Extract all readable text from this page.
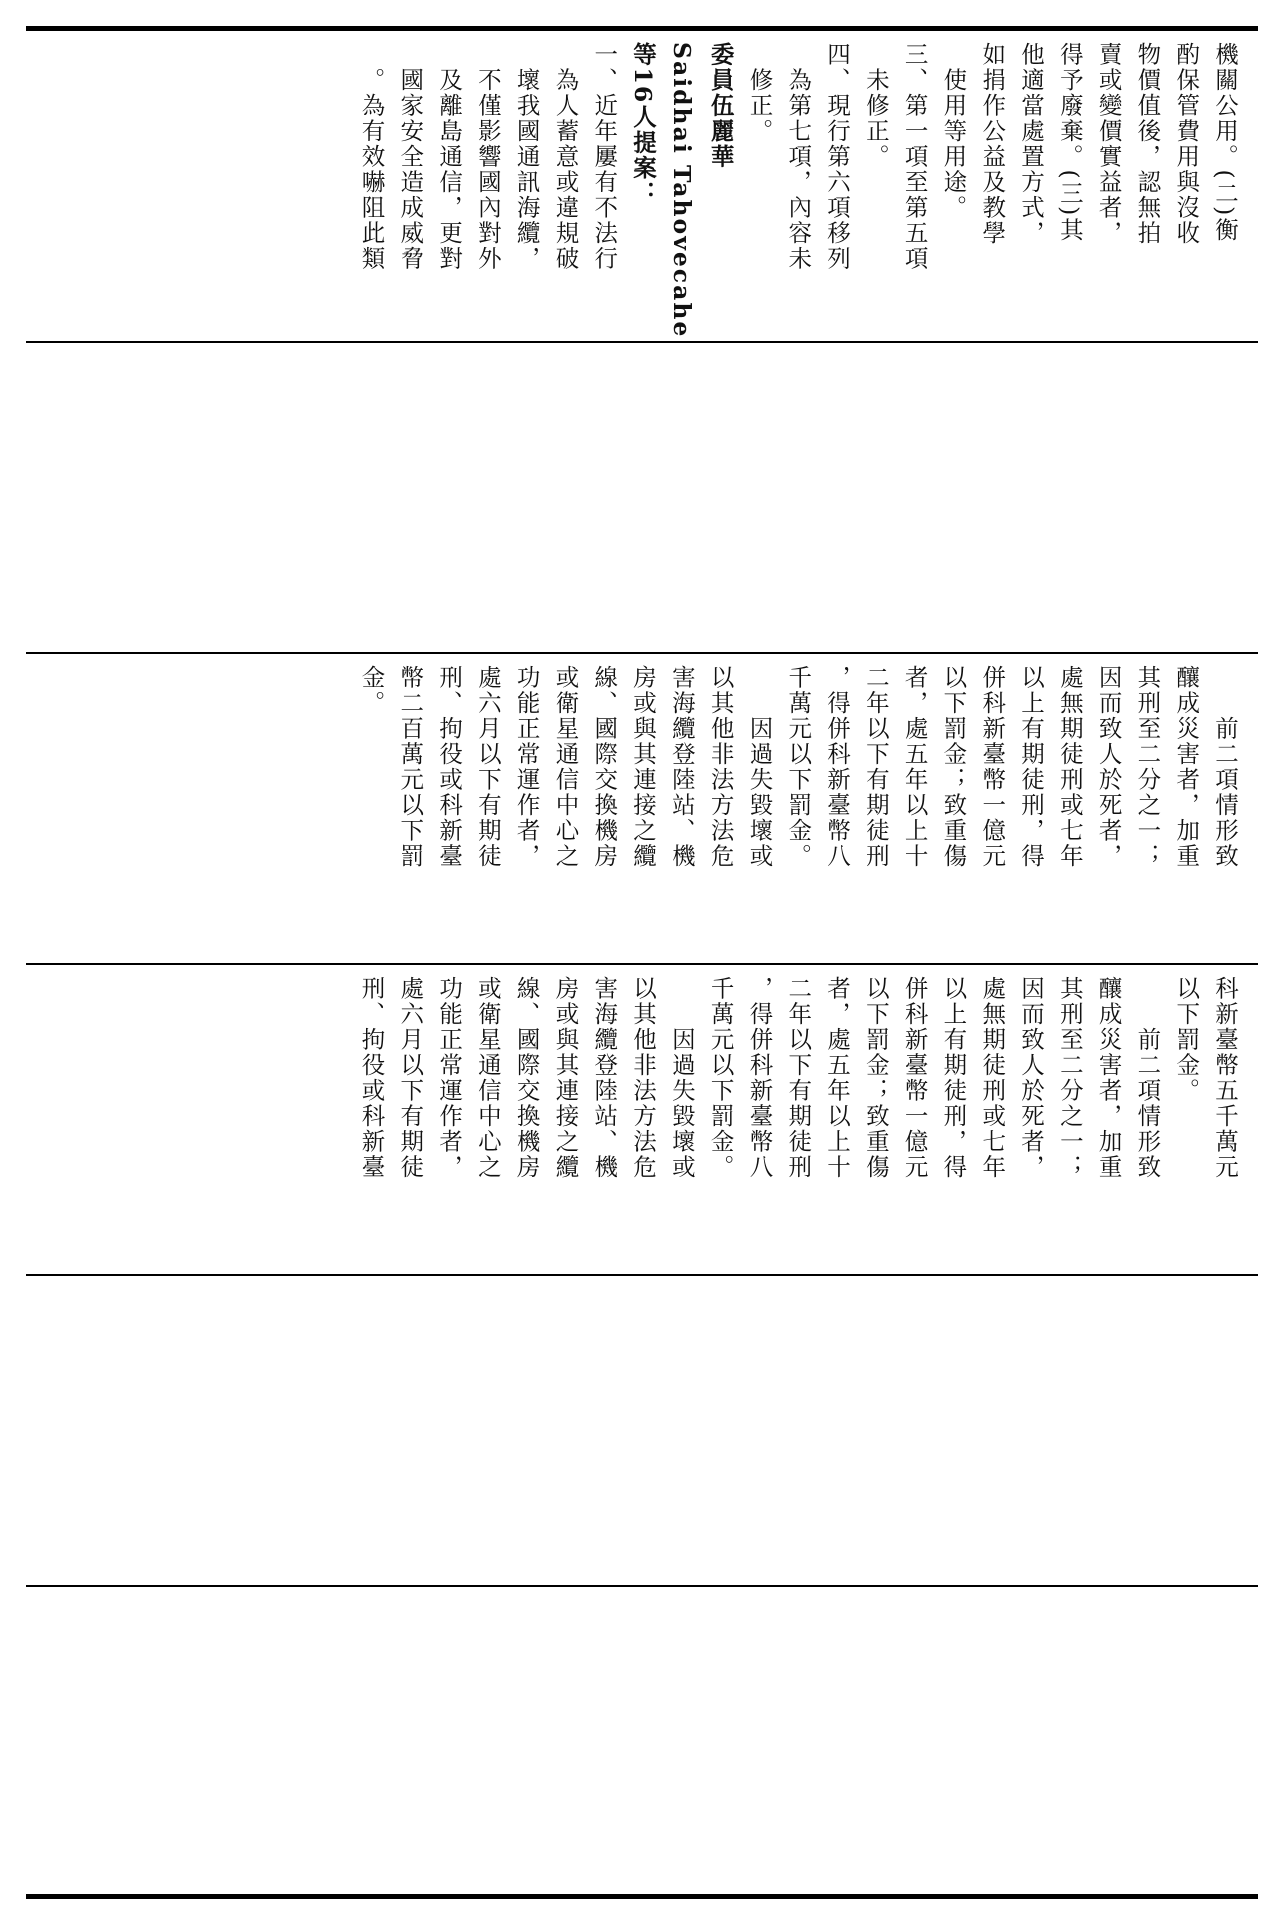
機關公用。(二)衡
酌保管費用與沒收
物價值後，認無拍
賣或變價實益者，
得予廢棄。(三)其
他適當處置方式，
如捐作公益及教學
　使用等用途。
三、第一項至第五項
　未修正。
四、現行第六項移列
　為第七項，內容未
　修正。
委員伍麗華
Saidhai Tahovecahe
等16人提案：
一、近年屢有不法行
　為人蓄意或違規破
　壞我國通訊海纜，
　不僅影響國內對外
　及離島通信，更對
　國家安全造成威脅
　。為有效嚇阻此類
　　前二項情形致
釀成災害者，加重
其刑至二分之一；
因而致人於死者，
處無期徒刑或七年
以上有期徒刑，得
併科新臺幣一億元
以下罰金；致重傷
者，處五年以上十
二年以下有期徒刑
，得併科新臺幣八
千萬元以下罰金。
　　因過失毀壞或
以其他非法方法危
害海纜登陸站、機
房或與其連接之纜
線、國際交換機房
或衛星通信中心之
功能正常運作者，
處六月以下有期徒
刑、拘役或科新臺
幣二百萬元以下罰
金。
科新臺幣五千萬元
以下罰金。
　　前二項情形致
釀成災害者，加重
其刑至二分之一；
因而致人於死者，
處無期徒刑或七年
以上有期徒刑，得
併科新臺幣一億元
以下罰金；致重傷
者，處五年以上十
二年以下有期徒刑
，得併科新臺幣八
千萬元以下罰金。
　　因過失毀壞或
以其他非法方法危
害海纜登陸站、機
房或與其連接之纜
線、國際交換機房
或衛星通信中心之
功能正常運作者，
處六月以下有期徒
刑、拘役或科新臺
